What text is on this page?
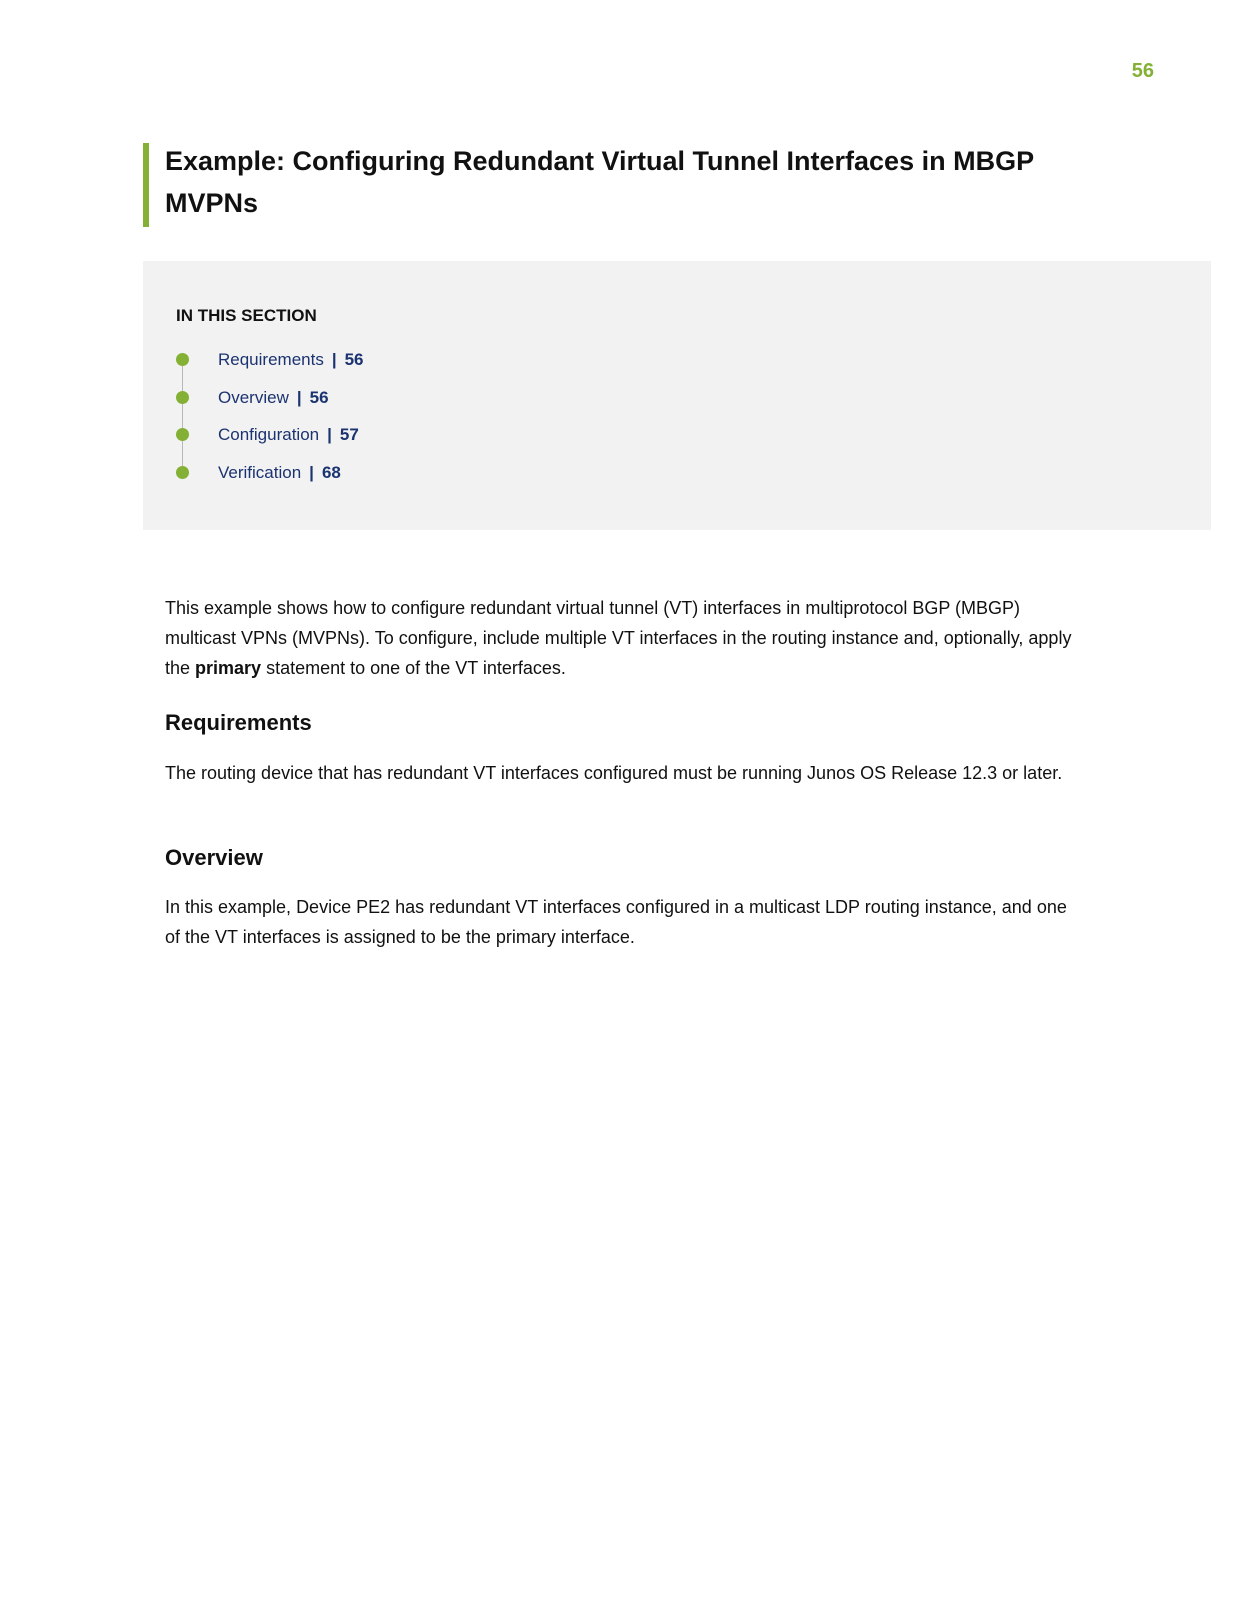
56
Example: Configuring Redundant Virtual Tunnel Interfaces in MBGP MVPNs
IN THIS SECTION
Requirements | 56
Overview | 56
Configuration | 57
Verification | 68

This example shows how to configure redundant virtual tunnel (VT) interfaces in multiprotocol BGP (MBGP) multicast VPNs (MVPNs). To configure, include multiple VT interfaces in the routing instance and, optionally, apply the primary statement to one of the VT interfaces.

Requirements

The routing device that has redundant VT interfaces configured must be running Junos OS Release 12.3 or later.

Overview

In this example, Device PE2 has redundant VT interfaces configured in a multicast LDP routing instance, and one of the VT interfaces is assigned to be the primary interface.
